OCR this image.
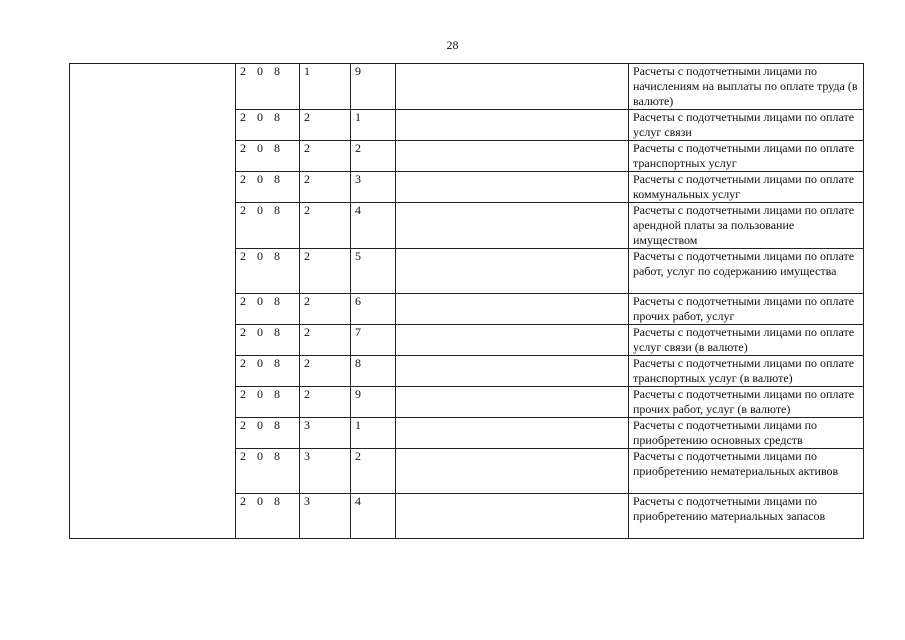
28
	2 0 8	1	9		Расчеты с подотчетными лицами по начислениям на выплаты по оплате труда (в валюте)
	2 0 8	2	1		Расчеты с подотчетными лицами по оплате услуг связи
	2 0 8	2	2		Расчеты с подотчетными лицами по оплате транспортных услуг
	2 0 8	2	3		Расчеты с подотчетными лицами по оплате коммунальных услуг
	2 0 8	2	4		Расчеты с подотчетными лицами по оплате арендной платы за пользование имуществом
	2 0 8	2	5		Расчеты с подотчетными лицами по оплате работ, услуг по содержанию имущества
	2 0 8	2	6		Расчеты с подотчетными лицами по оплате прочих работ, услуг
	2 0 8	2	7		Расчеты с подотчетными лицами по оплате услуг связи (в валюте)
	2 0 8	2	8		Расчеты с подотчетными лицами по оплате транспортных услуг (в валюте)
	2 0 8	2	9		Расчеты с подотчетными лицами по оплате прочих работ, услуг (в валюте)
	2 0 8	3	1		Расчеты с подотчетными лицами по приобретению основных средств
	2 0 8	3	2		Расчеты с подотчетными лицами по приобретению нематериальных активов
	2 0 8	3	4		Расчеты с подотчетными лицами по приобретению материальных запасов
